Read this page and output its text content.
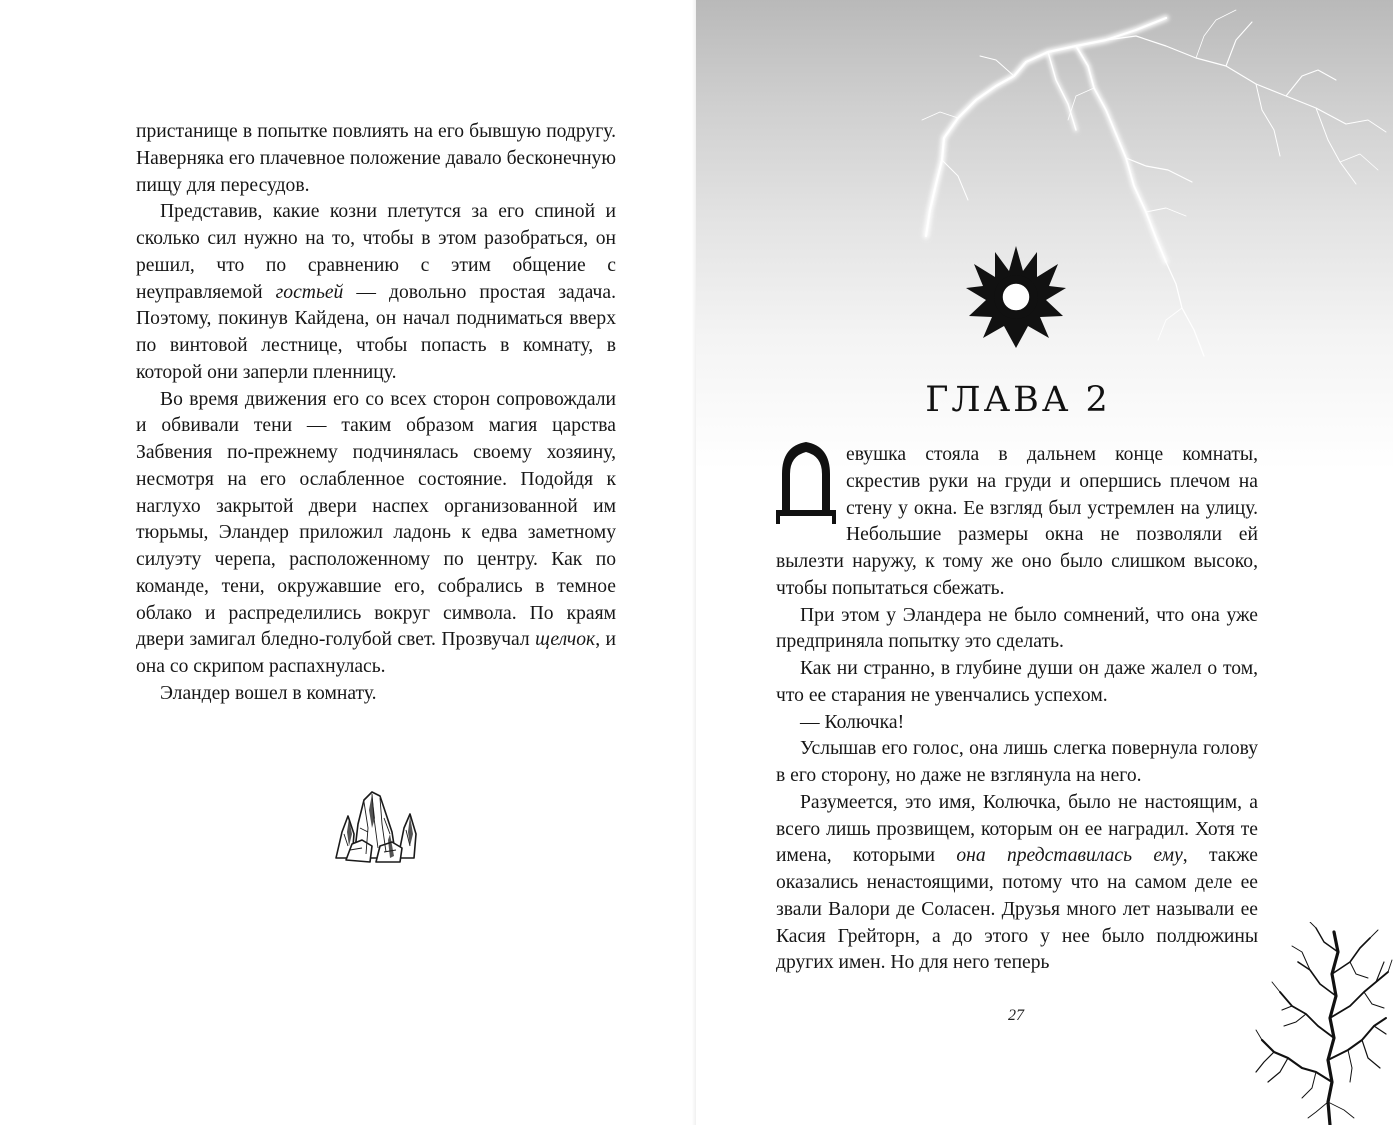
пристанище в попытке повлиять на его бывшую подругу. Наверняка его плачевное положение давало бесконечную пищу для пересудов.

Представив, какие козни плетутся за его спиной и сколько сил нужно на то, чтобы в этом разобраться, он решил, что по сравнению с этим общение с неуправляемой гостьей — довольно простая задача. Поэтому, покинув Кайдена, он начал подниматься вверх по винтовой лестнице, чтобы попасть в комнату, в которой они заперли пленницу.

Во время движения его со всех сторон сопровождали и обвивали тени — таким образом магия царства Забвения по-прежнему подчинялась своему хозяину, несмотря на его ослабленное состояние. Подойдя к наглухо закрытой двери наспех организованной им тюрьмы, Эландер приложил ладонь к едва заметному силуэту черепа, расположенному по центру. Как по команде, тени, окружавшие его, собрались в темное облако и распределились вокруг символа. По краям двери замигал бледно-голубой свет. Прозвучал щелчок, и она со скрипом распахнулась.

Эландер вошел в комнату.

ГЛАВА 2

евушка стояла в дальнем конце комнаты, скрестив руки на груди и опершись плечом на стену у окна. Ее взгляд был устремлен на улицу. Небольшие размеры окна не позволяли ей вылезти наружу, к тому же оно было слишком высоко, чтобы попытаться сбежать.

При этом у Эландера не было сомнений, что она уже предприняла попытку это сделать.

Как ни странно, в глубине души он даже жалел о том, что ее старания не увенчались успехом.

— Колючка!

Услышав его голос, она лишь слегка повернула голову в его сторону, но даже не взглянула на него.

Разумеется, это имя, Колючка, было не настоящим, а всего лишь прозвищем, которым он ее наградил. Хотя те имена, которыми она представилась ему, также оказались ненастоящими, потому что на самом деле ее звали Валори де Соласен. Друзья много лет называли ее Касия Грейторн, а до этого у нее было полдюжины других имен. Но для него теперь

27
